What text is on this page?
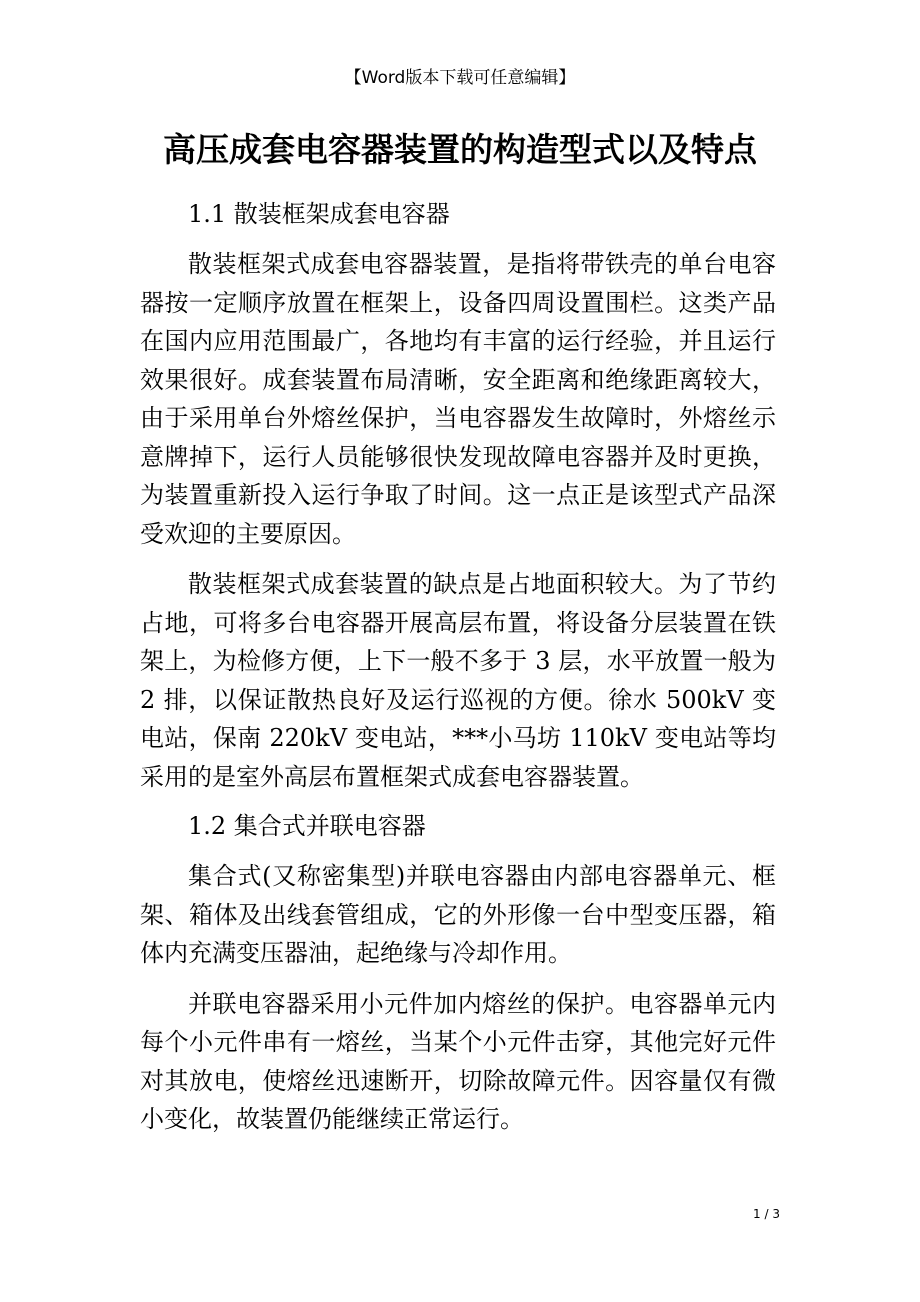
【Word版本下载可任意编辑】
高压成套电容器装置的构造型式以及特点
1.1 散装框架成套电容器

散装框架式成套电容器装置，是指将带铁壳的单台电容器按一定顺序放置在框架上，设备四周设置围栏。这类产品在国内应用范围最广，各地均有丰富的运行经验，并且运行效果很好。成套装置布局清晰，安全距离和绝缘距离较大，由于采用单台外熔丝保护，当电容器发生故障时，外熔丝示意牌掉下，运行人员能够很快发现故障电容器并及时更换，为装置重新投入运行争取了时间。这一点正是该型式产品深受欢迎的主要原因。

散装框架式成套装置的缺点是占地面积较大。为了节约占地，可将多台电容器开展高层布置，将设备分层装置在铁架上，为检修方便，上下一般不多于 3 层，水平放置一般为 2 排，以保证散热良好及运行巡视的方便。徐水 500kV 变电站，保南 220kV 变电站，***小马坊 110kV 变电站等均采用的是室外高层布置框架式成套电容器装置。

1.2 集合式并联电容器

集合式(又称密集型)并联电容器由内部电容器单元、框架、箱体及出线套管组成，它的外形像一台中型变压器，箱体内充满变压器油，起绝缘与冷却作用。

并联电容器采用小元件加内熔丝的保护。电容器单元内每个小元件串有一熔丝，当某个小元件击穿，其他完好元件对其放电，使熔丝迅速断开，切除故障元件。因容量仅有微小变化，故装置仍能继续正常运行。

1 / 3
